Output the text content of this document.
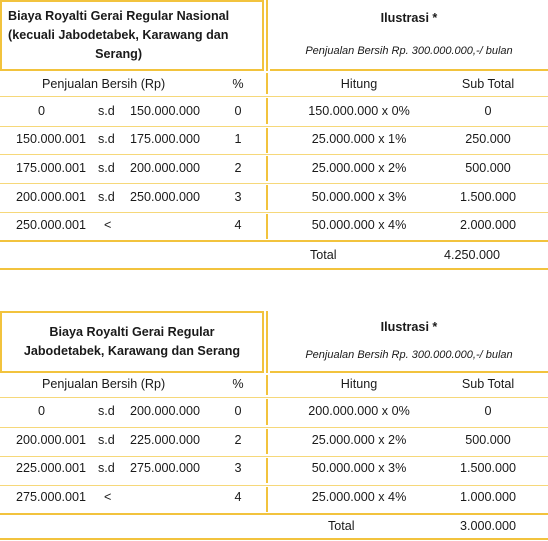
Biaya Royalti Gerai Regular Nasional
(kecuali Jabodetabek, Karawang dan
Serang)
Ilustrasi *
Penjualan Bersih Rp. 300.000.000,-/ bulan
Penjualan Bersih (Rp)	%	Hitung	Sub Total
0	s.d 150.000.000	0	150.000.000 x 0%	0
150.000.001 s.d 175.000.000	1	25.000.000 x 1%	250.000
175.000.001 s.d 200.000.000	2	25.000.000 x 2%	500.000
200.000.001 s.d 250.000.000	3	50.000.000 x 3%	1.500.000
250.000.001 <	4	50.000.000 x 4%	2.000.000
Total	4.250.000
Biaya Royalti Gerai Regular
Jabodetabek, Karawang dan Serang
Ilustrasi *
Penjualan Bersih Rp. 300.000.000,-/ bulan
Penjualan Bersih (Rp)	%	Hitung	Sub Total
0	s.d 200.000.000	0	200.000.000 x 0%	0
200.000.001 s.d 225.000.000	2	25.000.000 x 2%	500.000
225.000.001 s.d 275.000.000	3	50.000.000 x 3%	1.500.000
275.000.001 <	4	25.000.000 x 4%	1.000.000
Total	3.000.000
